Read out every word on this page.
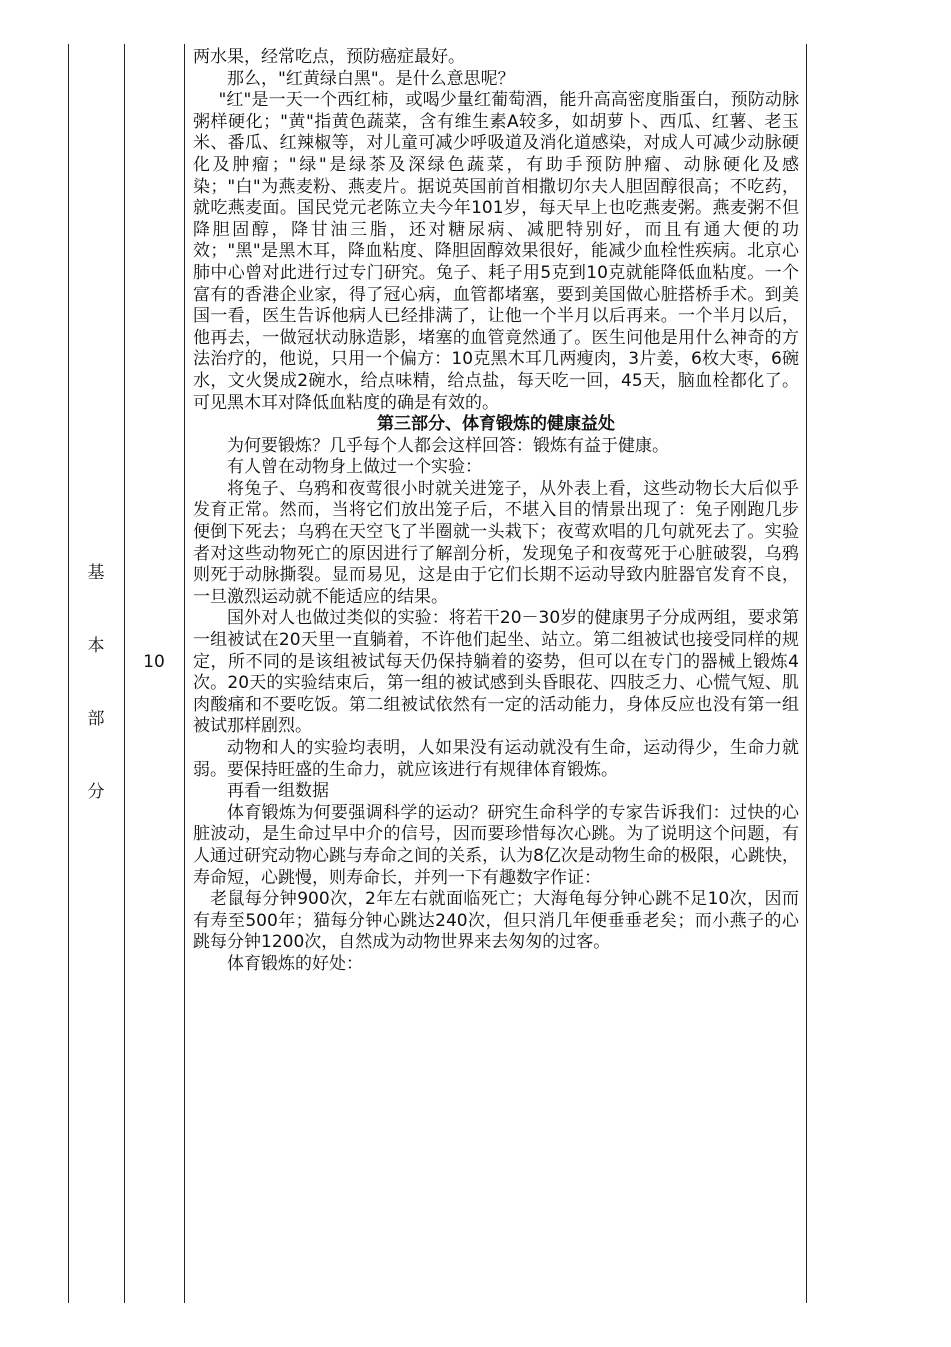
基
本
部
分
10

两水果，经常吃点，预防癌症最好。

那么，"红黄绿白黑"。是什么意思呢？

"红"是一天一个西红柿，或喝少量红葡萄酒，能升高高密度脂蛋白，预防动脉粥样硬化；"黄"指黄色蔬菜，含有维生素A较多，如胡萝卜、西瓜、红薯、老玉米、番瓜、红辣椒等，对儿童可减少呼吸道及消化道感染，对成人可减少动脉硬化及肿瘤；"绿"是绿茶及深绿色蔬菜，有助手预防肿瘤、动脉硬化及感染；"白"为燕麦粉、燕麦片。据说英国前首相撒切尔夫人胆固醇很高；不吃药，就吃燕麦面。国民党元老陈立夫今年101岁，每天早上也吃燕麦粥。燕麦粥不但降胆固醇，降甘油三脂，还对糖尿病、减肥特别好，而且有通大便的功效；"黑"是黑木耳，降血粘度、降胆固醇效果很好，能减少血栓性疾病。北京心肺中心曾对此进行过专门研究。兔子、耗子用5克到10克就能降低血粘度。一个富有的香港企业家，得了冠心病，血管都堵塞，要到美国做心脏搭桥手术。到美国一看，医生告诉他病人已经排满了，让他一个半月以后再来。一个半月以后，他再去，一做冠状动脉造影，堵塞的血管竟然通了。医生问他是用什么神奇的方法治疗的，他说，只用一个偏方：10克黑木耳几两瘦肉，3片姜，6枚大枣，6碗水，文火煲成2碗水，给点味精，给点盐，每天吃一回，45天，脑血栓都化了。可见黑木耳对降低血粘度的确是有效的。

第三部分、体育锻炼的健康益处

为何要锻炼？几乎每个人都会这样回答：锻炼有益于健康。

有人曾在动物身上做过一个实验：

将兔子、乌鸦和夜莺很小时就关进笼子，从外表上看，这些动物长大后似乎发育正常。然而，当将它们放出笼子后，不堪入目的情景出现了：兔子刚跑几步便倒下死去；乌鸦在天空飞了半圈就一头栽下；夜莺欢唱的几句就死去了。实验者对这些动物死亡的原因进行了解剖分析，发现兔子和夜莺死于心脏破裂，乌鸦则死于动脉撕裂。显而易见，这是由于它们长期不运动导致内脏器官发育不良，一旦激烈运动就不能适应的结果。

国外对人也做过类似的实验：将若干20－30岁的健康男子分成两组，要求第一组被试在20天里一直躺着，不许他们起坐、站立。第二组被试也接受同样的规定，所不同的是该组被试每天仍保持躺着的姿势，但可以在专门的器械上锻炼4次。20天的实验结束后，第一组的被试感到头昏眼花、四肢乏力、心慌气短、肌肉酸痛和不要吃饭。第二组被试依然有一定的活动能力，身体反应也没有第一组被试那样剧烈。

动物和人的实验均表明，人如果没有运动就没有生命，运动得少，生命力就弱。要保持旺盛的生命力，就应该进行有规律体育锻炼。

再看一组数据

体育锻炼为何要强调科学的运动？研究生命科学的专家告诉我们：过快的心脏波动，是生命过早中介的信号，因而要珍惜每次心跳。为了说明这个问题，有人通过研究动物心跳与寿命之间的关系，认为8亿次是动物生命的极限，心跳快，寿命短，心跳慢，则寿命长，并列一下有趣数字作证：

老鼠每分钟900次，2年左右就面临死亡；大海龟每分钟心跳不足10次，因而有寿至500年；猫每分钟心跳达240次，但只消几年便垂垂老矣；而小燕子的心跳每分钟1200次，自然成为动物世界来去匆匆的过客。

体育锻炼的好处：
